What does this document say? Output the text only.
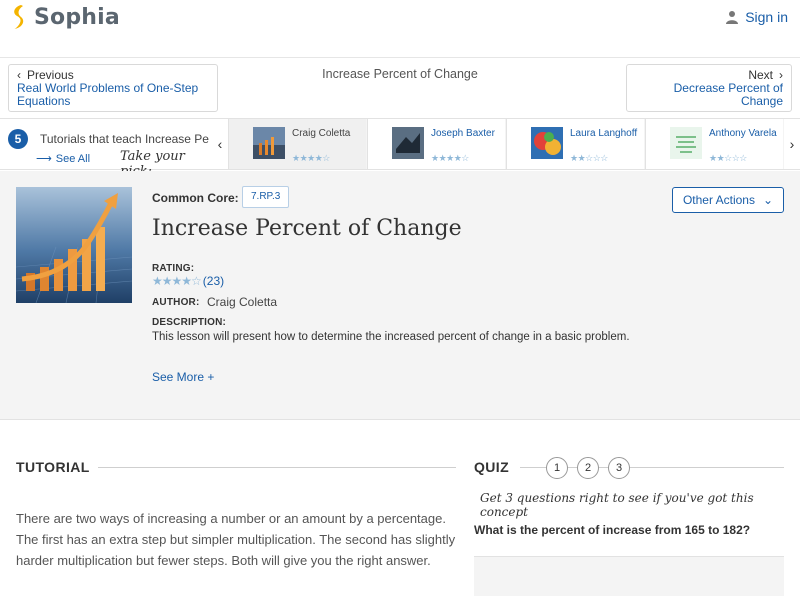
Sophia	Sign in
‹ Previous
Real World Problems of One-Step Equations
Increase Percent of Change	Next ›
Decrease Percent of Change
5	Tutorials that teach Increase Pe
⟶ See All Take your
‹
Craig Coletta
★★★★☆
Joseph Baxter
★★★★☆
Laura Langhoff
★★☆☆☆
Anthony Varela
★★☆☆☆
›
Common Core:	7.RP.3	Other Actions ⌄
Increase Percent of Change
RATING:
★★★★☆ (23)
AUTHOR: Craig Coletta
DESCRIPTION:
This lesson will present how to determine the increased percent of change in a basic problem.
See More +
TUTORIAL
There are two ways of increasing a number or an amount by a percentage. The first has an extra step but simpler multiplication. The second has slightly harder multiplication but fewer steps. Both will give you the right answer.
QUIZ	1	2	3
Get 3 questions right to see if you've got this concept
What is the percent of increase from 165 to 182?
